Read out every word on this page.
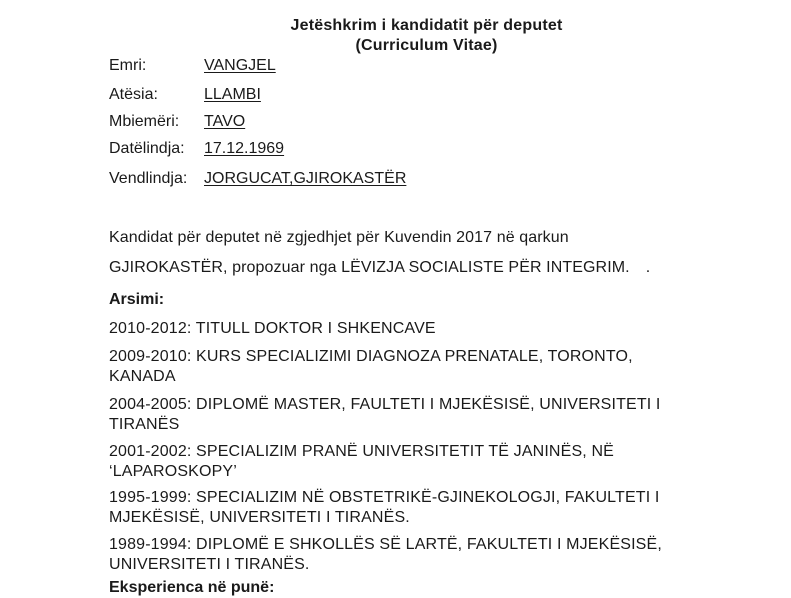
Jetëshkrim i kandidatit për deputet
(Curriculum Vitae)
Emri:	VANGJEL
Atësia:	LLAMBI
Mbiemëri: TAVO
Datëlindja: 17.12.1969
Vendlindja: JORGUCAT,GJIROKASTËR
Kandidat për deputet në zgjedhjet për Kuvendin 2017 në qarkun
GJIROKASTËR, propozuar nga LËVIZJA SOCIALISTE PËR INTEGRIM. .
Arsimi:
2010-2012: TITULL DOKTOR I SHKENCAVE
2009-2010: KURS SPECIALIZIMI DIAGNOZA PRENATALE, TORONTO,
KANADA
2004-2005: DIPLOMË MASTER, FAULTETI I MJEKËSISË, UNIVERSITETI I
TIRANËS
2001-2002: SPECIALIZIM PRANË UNIVERSITETIT TË JANINËS, NË
‘LAPAROSKOPY’
1995-1999: SPECIALIZIM NË OBSTETRIKË-GJINEKOLOGJI, FAKULTETI I
MJEKËSISË, UNIVERSITETI I TIRANËS.
1989-1994: DIPLOMË E SHKOLLËS SË LARTË, FAKULTETI I MJEKËSISË,
UNIVERSITETI I TIRANËS.
Eksperienca në punë:
